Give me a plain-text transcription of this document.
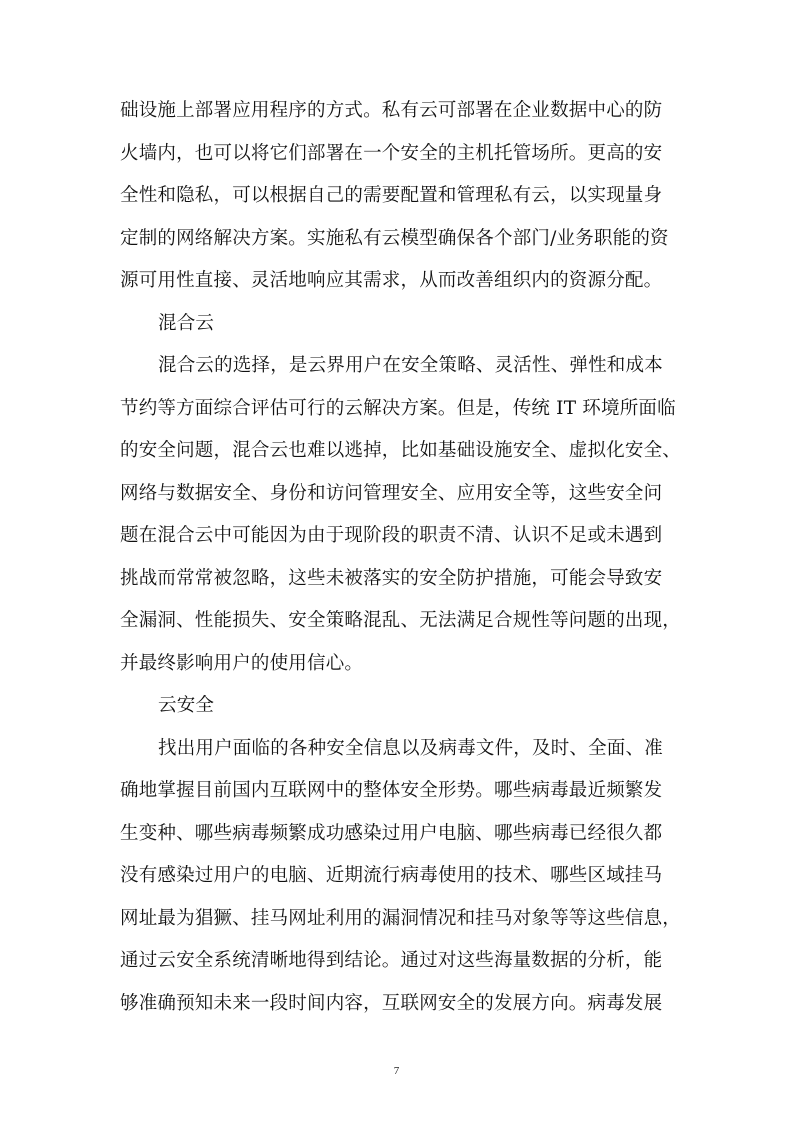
础设施上部署应用程序的方式。私有云可部署在企业数据中心的防
火墙内，也可以将它们部署在一个安全的主机托管场所。更高的安
全性和隐私，可以根据自己的需要配置和管理私有云，以实现量身
定制的网络解决方案。实施私有云模型确保各个部门/业务职能的资
源可用性直接、灵活地响应其需求，从而改善组织内的资源分配。
混合云
混合云的选择，是云界用户在安全策略、灵活性、弹性和成本
节约等方面综合评估可行的云解决方案。但是，传统 IT 环境所面临
的安全问题，混合云也难以逃掉，比如基础设施安全、虚拟化安全、
网络与数据安全、身份和访问管理安全、应用安全等，这些安全问
题在混合云中可能因为由于现阶段的职责不清、认识不足或未遇到
挑战而常常被忽略，这些未被落实的安全防护措施，可能会导致安
全漏洞、性能损失、安全策略混乱、无法满足合规性等问题的出现，
并最终影响用户的使用信心。
云安全
找出用户面临的各种安全信息以及病毒文件，及时、全面、准
确地掌握目前国内互联网中的整体安全形势。哪些病毒最近频繁发
生变种、哪些病毒频繁成功感染过用户电脑、哪些病毒已经很久都
没有感染过用户的电脑、近期流行病毒使用的技术、哪些区域挂马
网址最为猖獗、挂马网址利用的漏洞情况和挂马对象等等这些信息，
通过云安全系统清晰地得到结论。通过对这些海量数据的分析，能
够准确预知未来一段时间内容，互联网安全的发展方向。病毒发展
7
